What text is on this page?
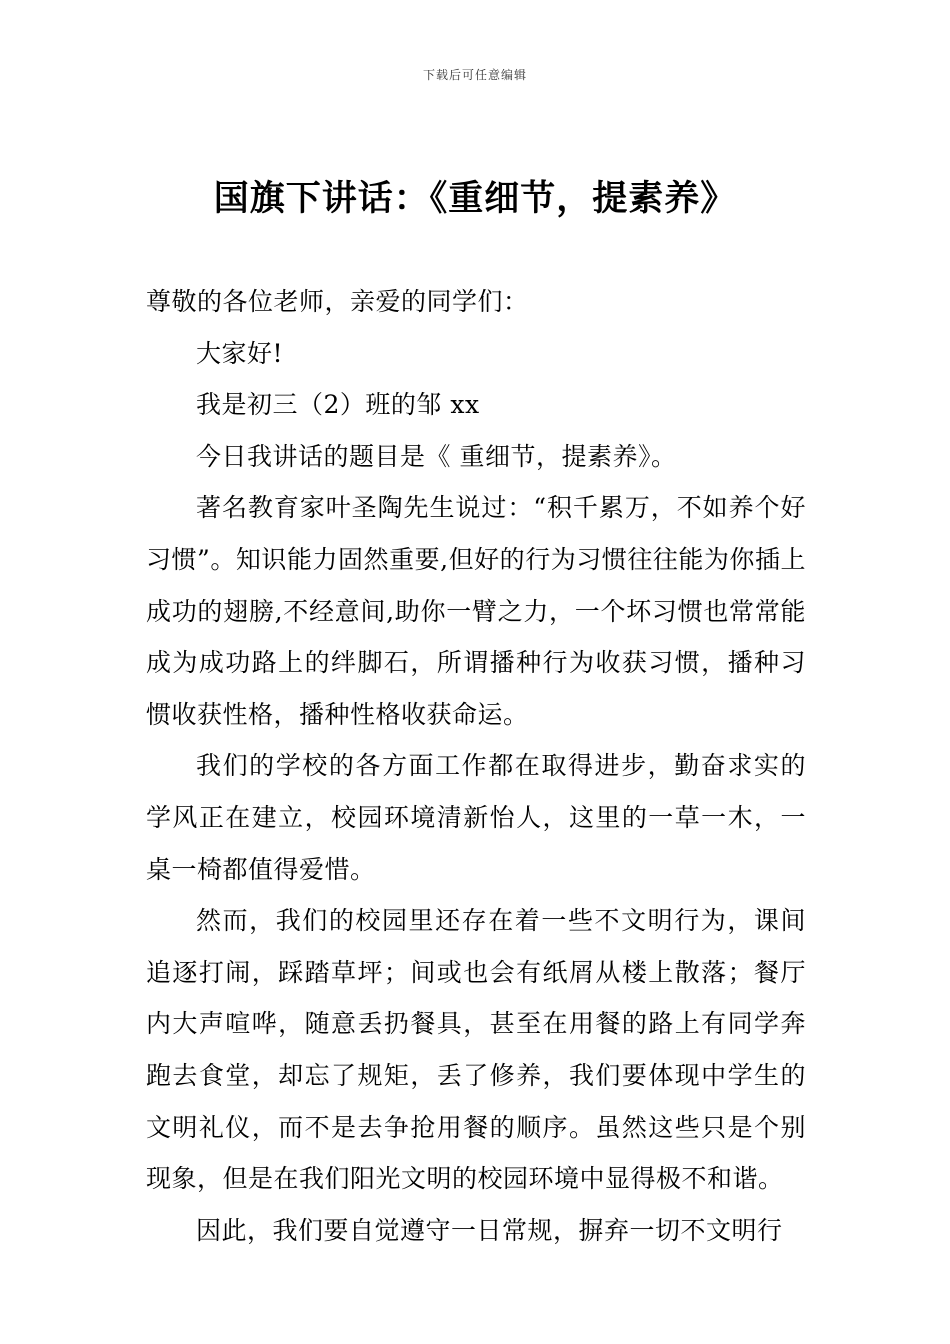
下载后可任意编辑
国旗下讲话：《重细节，提素养》

尊敬的各位老师，亲爱的同学们：

大家好!

我是初三（2）班的邹 xx

今日我讲话的题目是《 重细节，提素养》。

著名教育家叶圣陶先生说过：“积千累万，不如养个好习惯”。知识能力固然重要,但好的行为习惯往往能为你插上成功的翅膀,不经意间,助你一臂之力，一个坏习惯也常常能成为成功路上的绊脚石，所谓播种行为收获习惯，播种习惯收获性格，播种性格收获命运。

我们的学校的各方面工作都在取得进步，勤奋求实的学风正在建立，校园环境清新怡人，这里的一草一木，一桌一椅都值得爱惜。

然而，我们的校园里还存在着一些不文明行为，课间追逐打闹，踩踏草坪；间或也会有纸屑从楼上散落；餐厅内大声喧哗，随意丢扔餐具，甚至在用餐的路上有同学奔跑去食堂，却忘了规矩，丢了修养，我们要体现中学生的文明礼仪，而不是去争抢用餐的顺序。虽然这些只是个别现象，但是在我们阳光文明的校园环境中显得极不和谐。

因此，我们要自觉遵守一日常规，摒弃一切不文明行
